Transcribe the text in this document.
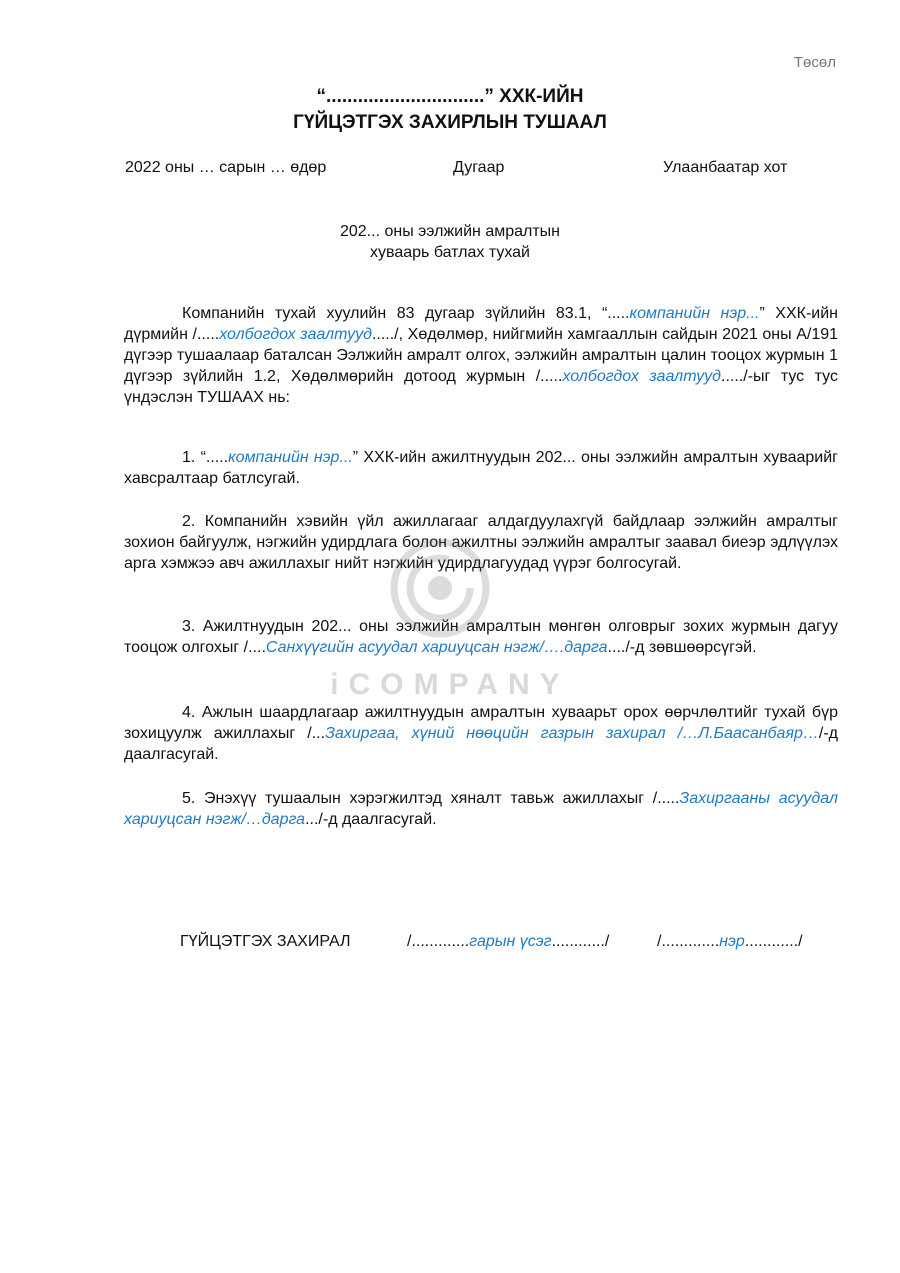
Төсөл
“..............................” ХХК-ИЙН
ГҮЙЦЭТГЭХ ЗАХИРЛЫН ТУШААЛ
2022 оны … сарын … өдөр	Дугаар	Улаанбаатар хот
202... оны ээлжийн амралтын
хуваарь батлах тухай

Компанийн тухай хуулийн 83 дугаар зүйлийн 83.1, “.....компанийн нэр...” ХХК-ийн дүрмийн /.....холбогдох заалтууд...../, Хөдөлмөр, нийгмийн хамгааллын сайдын 2021 оны А/191 дүгээр тушаалаар баталсан Ээлжийн амралт олгох, ээлжийн амралтын цалин тооцох журмын 1 дүгээр зүйлийн 1.2, Хөдөлмөрийн дотоод журмын /.....холбогдох заалтууд...../-ыг тус тус үндэслэн ТУШААХ нь:

1. “.....компанийн нэр...” ХХК-ийн ажилтнуудын 202... оны ээлжийн амралтын хуваарийг хавсралтаар батлсугай.

2. Компанийн хэвийн үйл ажиллагааг алдагдуулахгүй байдлаар ээлжийн амралтыг зохион байгуулж, нэгжийн удирдлага болон ажилтны ээлжийн амралтыг заавал биеэр эдлүүлэх арга хэмжээ авч ажиллахыг нийт нэгжийн удирдлагуудад үүрэг болгосугай.

3. Ажилтнуудын 202... оны ээлжийн амралтын мөнгөн олговрыг зохих журмын дагуу тооцож олгохыг /....Санхүүгийн асуудал хариуцсан нэгж/….дарга..../-д зөвшөөрсүгэй.

4. Ажлын шаардлагаар ажилтнуудын амралтын хуваарьт орох өөрчлөлтийг тухай бүр зохицуулж ажиллахыг /...Захиргаа, хүний нөөцийн газрын захирал /…Л.Баасанбаяр…/-д даалгасугай.

5. Энэхүү тушаалын хэрэгжилтэд хяналт тавьж ажиллахыг /.....Захиргааны асуудал хариуцсан нэгж/…дарга.../-д даалгасугай.

ГҮЙЦЭТГЭХ ЗАХИРАЛ	/.............гарын үсэг............/	/.............нэр............/
iCOMPANY
